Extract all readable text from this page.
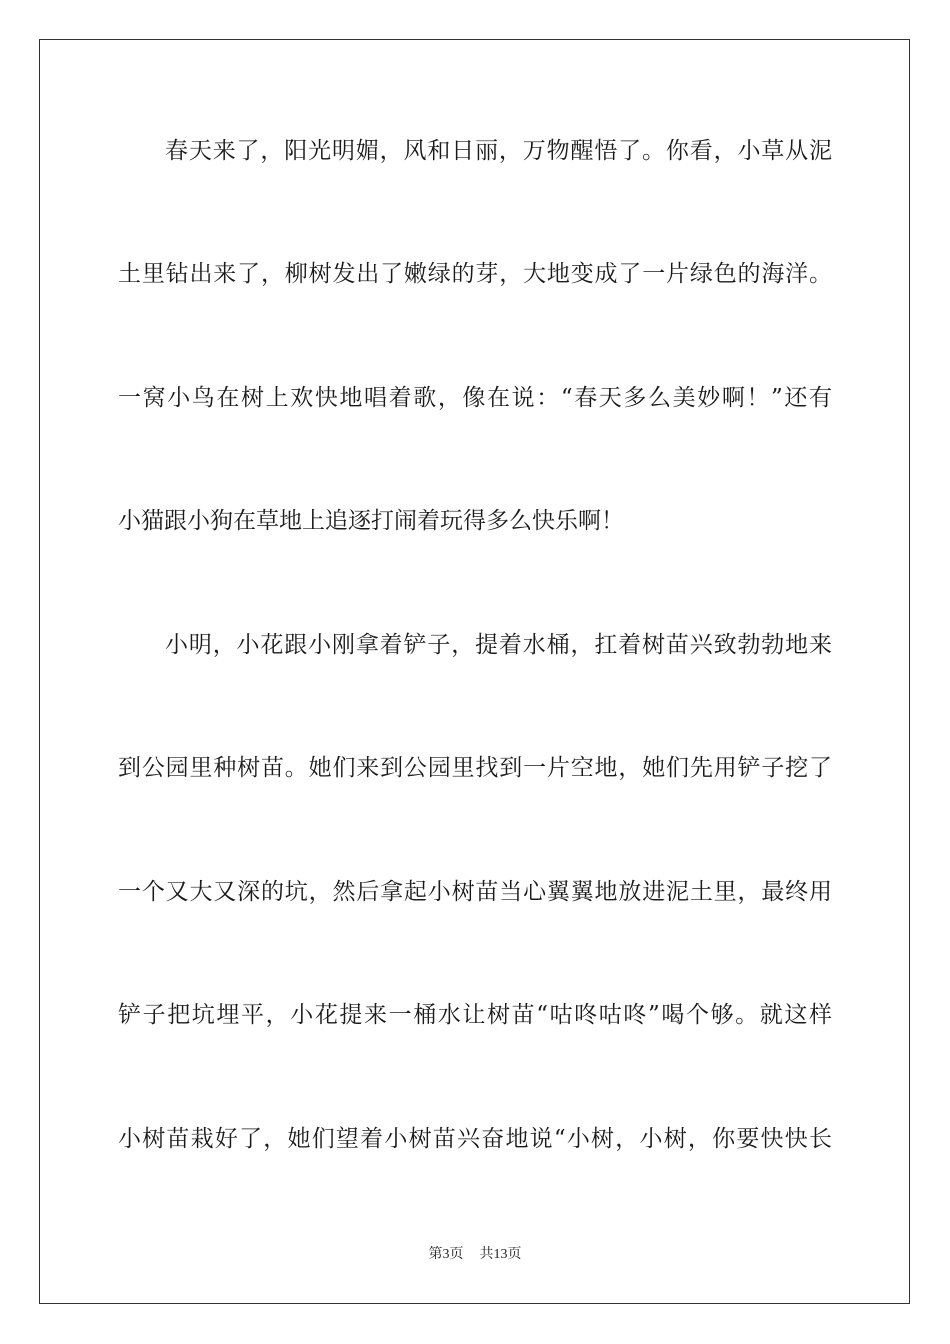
春天来了，阳光明媚，风和日丽，万物醒悟了。你看，小草从泥
土里钻出来了，柳树发出了嫩绿的芽，大地变成了一片绿色的海洋。
一窝小鸟在树上欢快地唱着歌，像在说：“春天多么美妙啊！”还有
小猫跟小狗在草地上追逐打闹着玩得多么快乐啊！
小明，小花跟小刚拿着铲子，提着水桶，扛着树苗兴致勃勃地来
到公园里种树苗。她们来到公园里找到一片空地，她们先用铲子挖了
一个又大又深的坑，然后拿起小树苗当心翼翼地放进泥土里，最终用
铲子把坑埋平，小花提来一桶水让树苗“咕咚咕咚”喝个够。就这样
小树苗栽好了，她们望着小树苗兴奋地说“小树，小树，你要快快长
第3页 共13页
